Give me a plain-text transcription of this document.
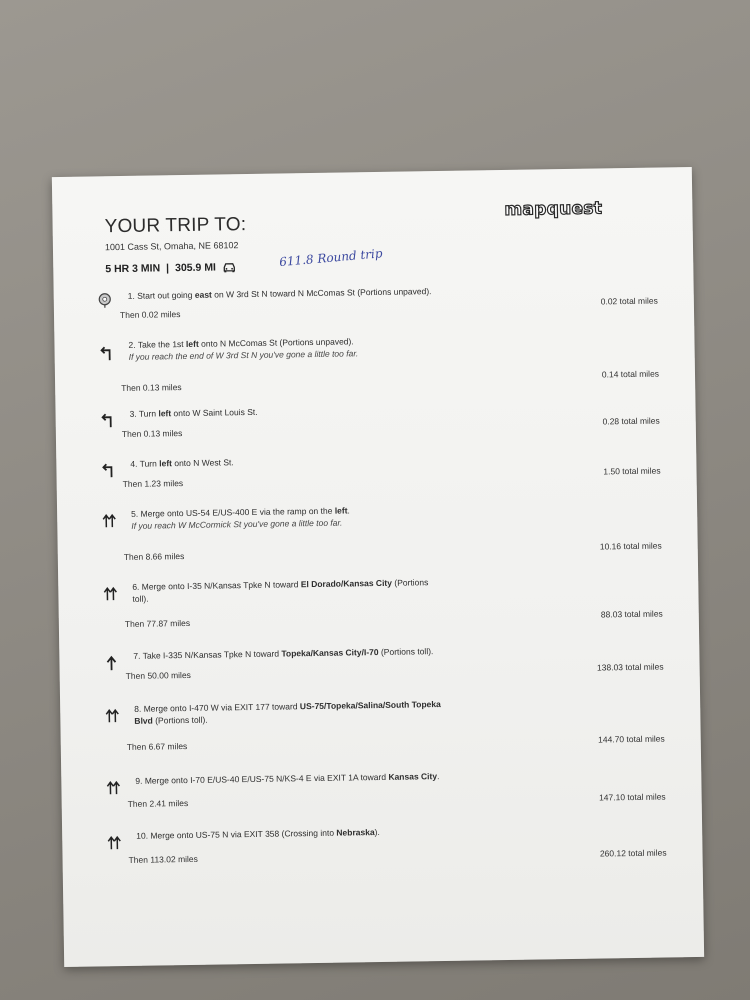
YOUR TRIP TO:
mapquest
1001 Cass St, Omaha, NE 68102
5 HR 3 MIN | 305.9 MI	611.8 Round trip
1. Start out going east on W 3rd St N toward N McComas St (Portions unpaved).
Then 0.02 miles
0.02 total miles
2. Take the 1st left onto N McComas St (Portions unpaved).
If you reach the end of W 3rd St N you've gone a little too far.
Then 0.13 miles
0.14 total miles
3. Turn left onto W Saint Louis St.
Then 0.13 miles
0.28 total miles
4. Turn left onto N West St.
Then 1.23 miles
1.50 total miles
5. Merge onto US-54 E/US-400 E via the ramp on the left.
If you reach W McCormick St you've gone a little too far.
Then 8.66 miles
10.16 total miles
6. Merge onto I-35 N/Kansas Tpke N toward El Dorado/Kansas City (Portions
toll).
Then 77.87 miles
88.03 total miles
7. Take I-335 N/Kansas Tpke N toward Topeka/Kansas City/I-70 (Portions toll).
Then 50.00 miles
138.03 total miles
8. Merge onto I-470 W via EXIT 177 toward US-75/Topeka/Salina/South Topeka
Blvd (Portions toll).
Then 6.67 miles
144.70 total miles
9. Merge onto I-70 E/US-40 E/US-75 N/KS-4 E via EXIT 1A toward Kansas City.
Then 2.41 miles
147.10 total miles
10. Merge onto US-75 N via EXIT 358 (Crossing into Nebraska).
Then 113.02 miles
260.12 total miles
